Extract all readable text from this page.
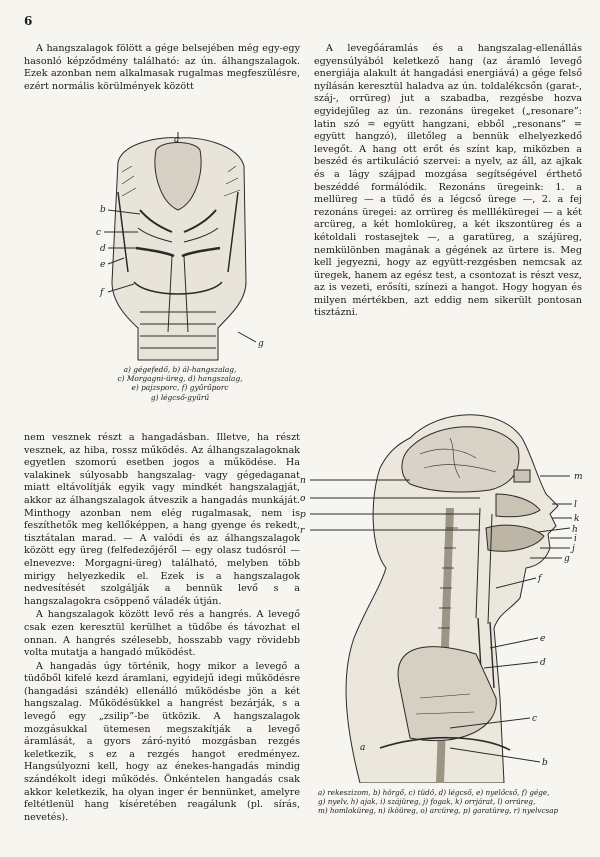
6

A hangszalagok fölött a gége belsejében még egy-egy hasonló képződmény található: az ún. álhangszalagok. Ezek azonban nem alkalmasak rugalmas megfeszülésre, ezért normális körülmények között

a
b
c
d
e
f
g
a) gégefedő, b) ál-hangszalag,
c) Morgagni-üreg, d) hangszalag,
e) pajzsporc, f) gyűrűporc
g) légcső-gyűrű

A levegőáramlás és a hangszalag-ellenállás egyensúlyából keletkező hang (az áramló levegő energiája alakult át hangadási energiává) a gége felső nyílásán keresztül haladva az ún. toldalékcsőn (garat-, száj-, orrüreg) jut a szabadba, rezgésbe hozva egyidejűleg az ún. rezonáns üregeket („resonare”: latin szó = együtt hangzani, ebből „resonans” = együtt hangzó), illetőleg a bennük elhelyezkedő levegőt. A hang ott erőt és színt kap, miközben a beszéd és artikuláció szervei: a nyelv, az áll, az ajkak és a lágy szájpad mozgása segítségével érthető beszéddé formálódik. Rezonáns üregeink: 1. a mellüreg — a tüdő és a légcső ürege —, 2. a fej rezonáns üregei: az orrüreg és mellléküregei — a két arcüreg, a két homloküreg, a két ikszontüreg és a kétoldali rostasejtek —, a garatüreg, a szájüreg, nemkülönben magának a gégének az ürtere is. Meg kell jegyezni, hogy az együtt-rezgésben nemcsak az üregek, hanem az egész test, a csontozat is részt vesz, az is vezeti, erősíti, színezi a hangot. Hogy hogyan és milyen mértékben, azt eddig nem sikerült pontosan tisztázni.

nem vesznek részt a hangadásban. Illetve, ha részt vesznek, az hiba, rossz működés. Az álhangszalagoknak egyetlen szomorú esetben jogos a működése. Ha valakinek súlyosabb hangszalag- vagy gégedaganat miatt eltávolítják egyik vagy mindkét hangszalagját, akkor az álhangszalagok átveszik a hangadás munkáját. Minthogy azonban nem elég rugalmasak, nem is feszíthetők meg kellőképpen, a hang gyenge és rekedt, tisztátalan marad. — A valódi és az álhangszalagok között egy üreg (felfedezőjéről — egy olasz tudósról — elnevezve: Morgagni-üreg) található, melyben több mirigy helyezkedik el. Ezek is a hangszalagok nedvesítését szolgálják a bennük levő s a hangszalagokra csöppenő váladék útján.

A hangszalagok között levő rés a hangrés. A levegő csak ezen keresztül kerülhet a tüdőbe és távozhat el onnan. A hangrés szélesebb, hosszabb vagy rövidebb volta mutatja a hangadó működést.

A hangadás úgy történik, hogy mikor a levegő a tüdőből kifelé kezd áramlani, egyidejű idegi működésre (hangadási szándék) ellenálló működésbe jön a két hangszalag. Működésükkel a hangrést bezárják, s a levegő egy „zsilip”-be ütközik. A hangszalagok mozgásukkal ütemesen megszakítják a levegő áramlását, a gyors záró-nyitó mozgásban rezgés keletkezik, s ez a rezgés hangot eredményez. Hangsúlyozni kell, hogy az énekes-hangadás mindig szándékolt idegi működés. Önkéntelen hangadás csak akkor keletkezik, ha olyan inger ér bennünket, amelyre feltétlenül hang kíséretében reagálunk (pl. sírás, nevetés).

m
l
k
h
i
j
g
f
e
d
c
b
n
o
p
r
a
a) rekeszizom, b) hörgő, c) tüdő, d) légcső, e) nyelőcső, f) gége,
g) nyelv, h) ajak, i) szájüreg, j) fogak, k) orrjárat, l) orrüreg,
m) homloküreg, n) iköüreg, o) arcüreg, p) garatüreg, r) nyelvcsap
